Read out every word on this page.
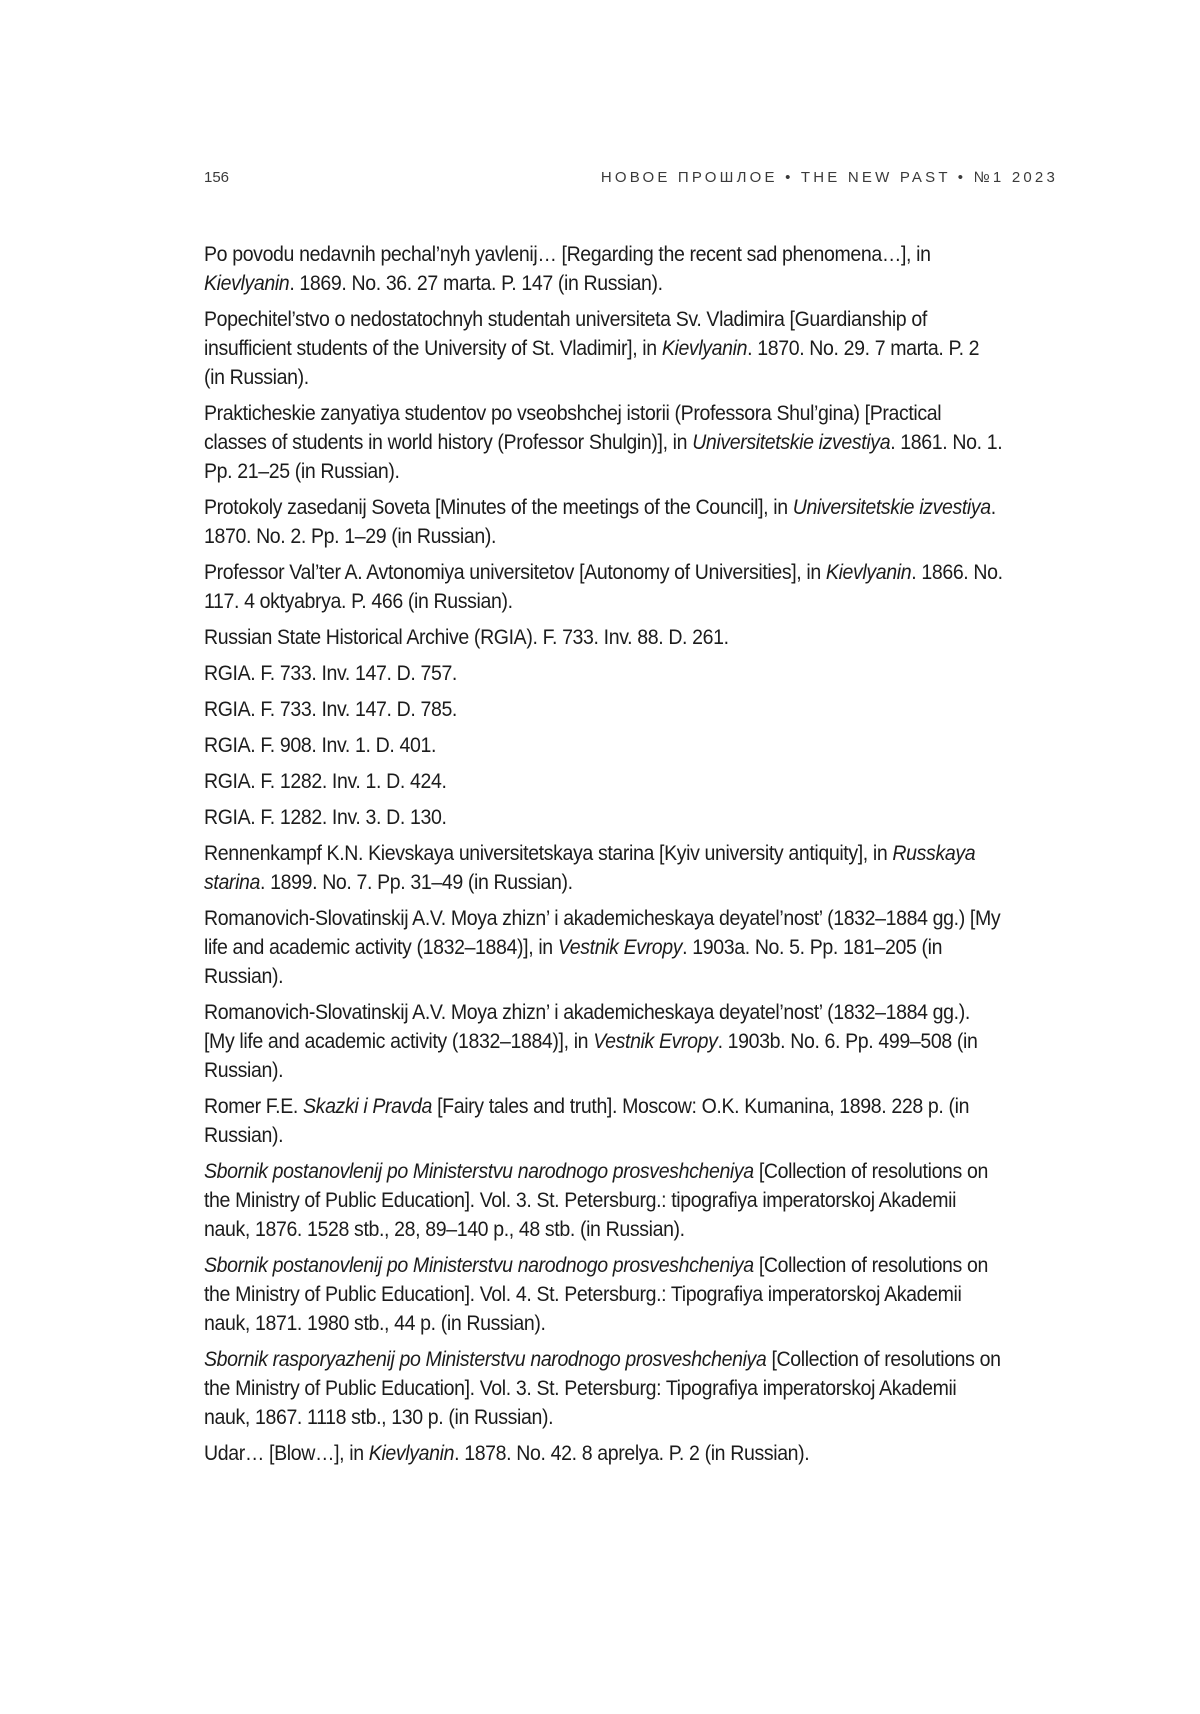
156	НОВОЕ ПРОШЛОЕ • THE NEW PAST • №1 2023

Po povodu nedavnih pechal’nyh yavlenij… [Regarding the recent sad phenomena…], in Kievlyanin. 1869. No. 36. 27 marta. P. 147 (in Russian).

Popechitel’stvo o nedostatochnyh studentah universiteta Sv. Vladimira [Guardianship of insufficient students of the University of St. Vladimir], in Kievlyanin. 1870. No. 29. 7 marta. P. 2 (in Russian).

Prakticheskie zanyatiya studentov po vseobshchej istorii (Professora Shul’gina) [Practical classes of students in world history (Professor Shulgin)], in Universitetskie izvestiya. 1861. No. 1. Pp. 21–25 (in Russian).

Protokoly zasedanij Soveta [Minutes of the meetings of the Council], in Universitetskie izvestiya. 1870. No. 2. Pp. 1–29 (in Russian).

Professor Val’ter A. Avtonomiya universitetov [Autonomy of Universities], in Kievlyanin. 1866. No. 117. 4 oktyabrya. P. 466 (in Russian).

Russian State Historical Archive (RGIA). F. 733. Inv. 88. D. 261.

RGIA. F. 733. Inv. 147. D. 757.

RGIA. F. 733. Inv. 147. D. 785.

RGIA. F. 908. Inv. 1. D. 401.

RGIA. F. 1282. Inv. 1. D. 424.

RGIA. F. 1282. Inv. 3. D. 130.

Rennenkampf K.N. Kievskaya universitetskaya starina [Kyiv university antiquity], in Russkaya starina. 1899. No. 7. Pp. 31–49 (in Russian).

Romanovich-Slovatinskij A.V. Moya zhizn’ i akademicheskaya deyatel’nost’ (1832–1884 gg.) [My life and academic activity (1832–1884)], in Vestnik Evropy. 1903a. No. 5. Pp. 181–205 (in Russian).

Romanovich-Slovatinskij A.V. Moya zhizn’ i akademicheskaya deyatel’nost’ (1832–1884 gg.). [My life and academic activity (1832–1884)], in Vestnik Evropy. 1903b. No. 6. Pp. 499–508 (in Russian).

Romer F.E. Skazki i Pravda [Fairy tales and truth]. Moscow: O.K. Kumanina, 1898. 228 p. (in Russian).

Sbornik postanovlenij po Ministerstvu narodnogo prosveshcheniya [Collection of resolutions on the Ministry of Public Education]. Vol. 3. St. Petersburg.: tipografiya imperatorskoj Akademii nauk, 1876. 1528 stb., 28, 89–140 p., 48 stb. (in Russian).

Sbornik postanovlenij po Ministerstvu narodnogo prosveshcheniya [Collection of resolutions on the Ministry of Public Education]. Vol. 4. St. Petersburg.: Tipografiya imperatorskoj Akademii nauk, 1871. 1980 stb., 44 p. (in Russian).

Sbornik rasporyazhenij po Ministerstvu narodnogo prosveshcheniya [Collection of resolutions on the Ministry of Public Education]. Vol. 3. St. Petersburg: Tipografiya imperatorskoj Akademii nauk, 1867. 1118 stb., 130 p. (in Russian).

Udar… [Blow…], in Kievlyanin. 1878. No. 42. 8 aprelya. P. 2 (in Russian).
